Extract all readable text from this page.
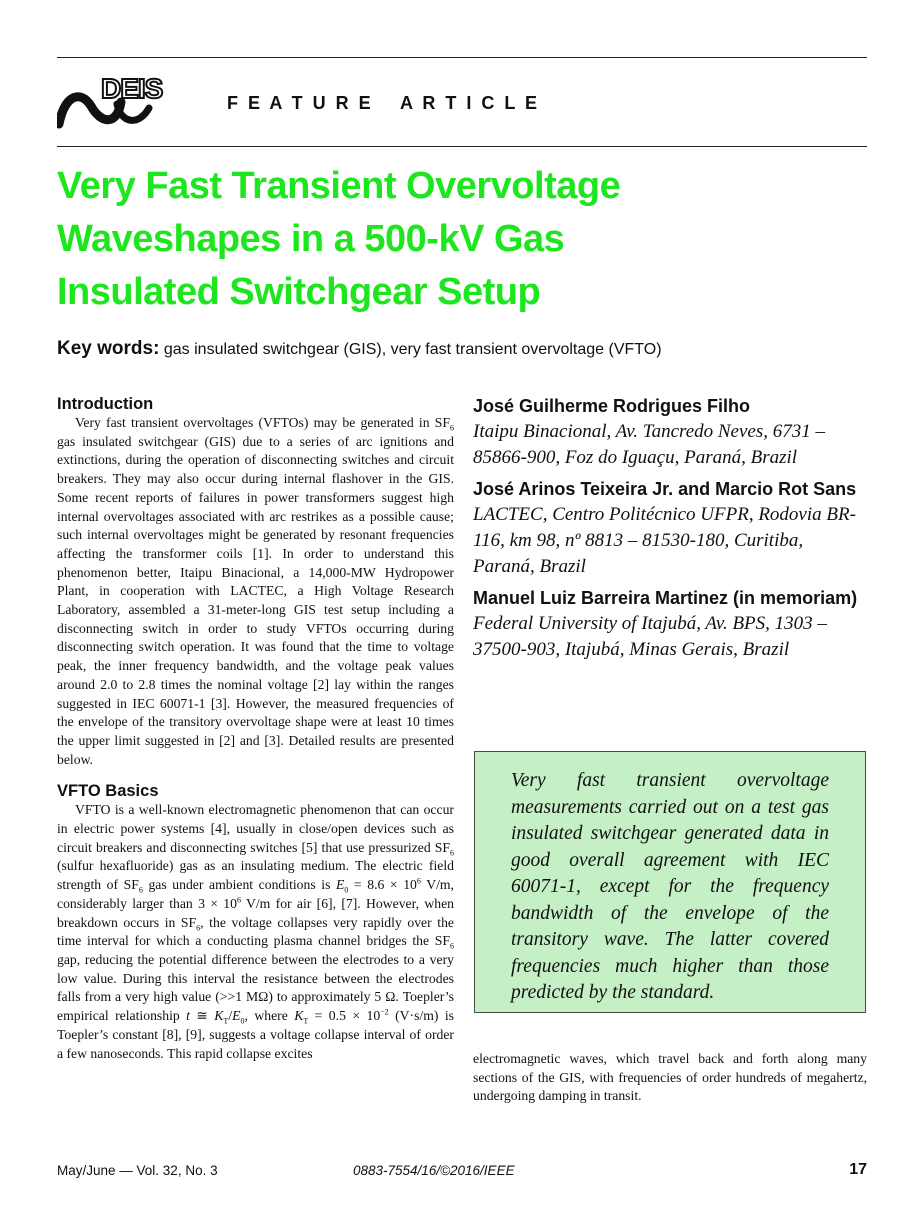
DEIS	F  E  A  T  U  R  E      A  R  T  I  C  L  E
Very Fast Transient Overvoltage
Waveshapes in a 500-kV Gas
Insulated Switchgear Setup
Key words: gas insulated switchgear (GIS), very fast transient overvoltage (VFTO)
Introduction

Very fast transient overvoltages (VFTOs) may be generated in $SF_6$ gas insulated switchgear (GIS) due to a series of arc ignitions and extinctions, during the operation of disconnecting switches and circuit breakers. They may also occur during internal flashover in the GIS. Some recent reports of failures in power transformers suggest high internal overvoltages associated with arc restrikes as a possible cause; such internal overvoltages might be generated by resonant frequencies affecting the transformer coils [1]. In order to understand this phenomenon better, Itaipu Binacional, a 14,000-MW Hydropower Plant, in cooperation with LACTEC, a High Voltage Research Laboratory, assembled a 31-meter-long GIS test setup including a disconnecting switch in order to study VFTOs occurring during disconnecting switch operation. It was found that the time to voltage peak, the inner frequency bandwidth, and the voltage peak values around 2.0 to 2.8 times the nominal voltage [2] lay within the ranges suggested in IEC 60071-1 [3]. However, the measured frequencies of the envelope of the transitory overvoltage shape were at least 10 times the upper limit suggested in [2] and [3]. Detailed results are presented below.

VFTO Basics

VFTO is a well-known electromagnetic phenomenon that can occur in electric power systems [4], usually in close/open devices such as circuit breakers and disconnecting switches [5] that use pressurized $SF_6$ (sulfur hexafluoride) gas as an insulating medium. The electric field strength of $SF_6$ gas under ambient conditions is $E_0 = 8.6 \times 10^6$ V/m, considerably larger than $3 \times 10^6$ V/m for air [6], [7]. However, when breakdown occurs in $SF_6$, the voltage collapses very rapidly over the time interval for which a conducting plasma channel bridges the $SF_6$ gap, reducing the potential difference between the electrodes to a very low value. During this interval the resistance between the electrodes falls from a very high value (>>1 MΩ) to approximately 5 Ω. Toepler’s empirical relationship t ≅ $K_T/E_0$, where $K_T = 0.5 \times 10^{-2}$ (V·s/m) is Toepler’s constant [8], [9], suggests a voltage collapse interval of order a few nanoseconds. This rapid collapse excites

José Guilherme Rodrigues Filho

Itaipu Binacional, Av. Tancredo Neves, 6731 – 85866-900, Foz do Iguaçu, Paraná, Brazil

José Arinos Teixeira Jr. and Marcio Rot Sans

LACTEC, Centro Politécnico UFPR, Rodovia BR-116, km 98, nº 8813 – 81530-180, Curitiba, Paraná, Brazil

Manuel Luiz Barreira Martinez (in memoriam)

Federal University of Itajubá, Av. BPS, 1303 – 37500-903, Itajubá, Minas Gerais, Brazil

Very fast transient overvoltage measurements carried out on a test gas insulated switchgear generated data in good overall agreement with IEC 60071-1, except for the frequency bandwidth of the envelope of the transitory wave. The latter covered frequencies much higher than those predicted by the standard.

electromagnetic waves, which travel back and forth along many sections of the GIS, with frequencies of order hundreds of megahertz, undergoing damping in transit.

May/June — Vol. 32, No. 3	0883-7554/16/©2016/IEEE	17
